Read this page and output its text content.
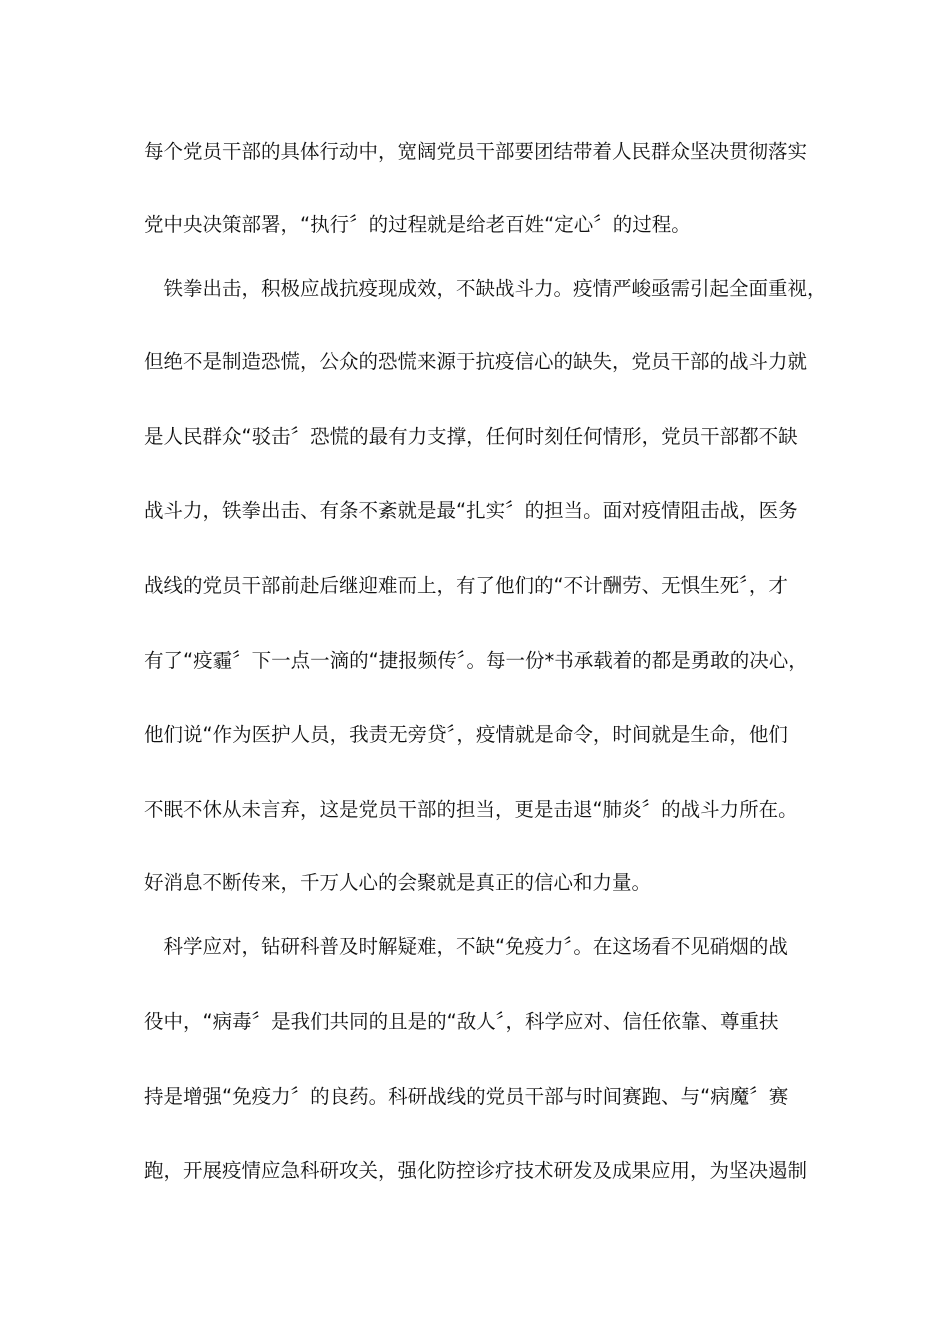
每个党员干部的具体行动中，宽阔党员干部要团结带着人民群众坚决贯彻落实
党中央决策部署，“执行〞的过程就是给老百姓“定心〞的过程。
　铁拳出击，积极应战抗疫现成效，不缺战斗力。疫情严峻亟需引起全面重视，
但绝不是制造恐慌，公众的恐慌来源于抗疫信心的缺失，党员干部的战斗力就
是人民群众“驳击〞恐慌的最有力支撑，任何时刻任何情形，党员干部都不缺
战斗力，铁拳出击、有条不紊就是最“扎实〞的担当。面对疫情阻击战，医务
战线的党员干部前赴后继迎难而上，有了他们的“不计酬劳、无惧生死〞，才
有了“疫霾〞下一点一滴的“捷报频传〞。每一份*书承载着的都是勇敢的决心，
他们说“作为医护人员，我责无旁贷〞，疫情就是命令，时间就是生命，他们
不眠不休从未言弃，这是党员干部的担当，更是击退“肺炎〞的战斗力所在。
好消息不断传来，千万人心的会聚就是真正的信心和力量。
　科学应对，钻研科普及时解疑难，不缺“免疫力〞。在这场看不见硝烟的战
役中，“病毒〞是我们共同的且是的“敌人〞，科学应对、信任依靠、尊重扶
持是增强“免疫力〞的良药。科研战线的党员干部与时间赛跑、与“病魔〞赛
跑，开展疫情应急科研攻关，强化防控诊疗技术研发及成果应用，为坚决遏制
